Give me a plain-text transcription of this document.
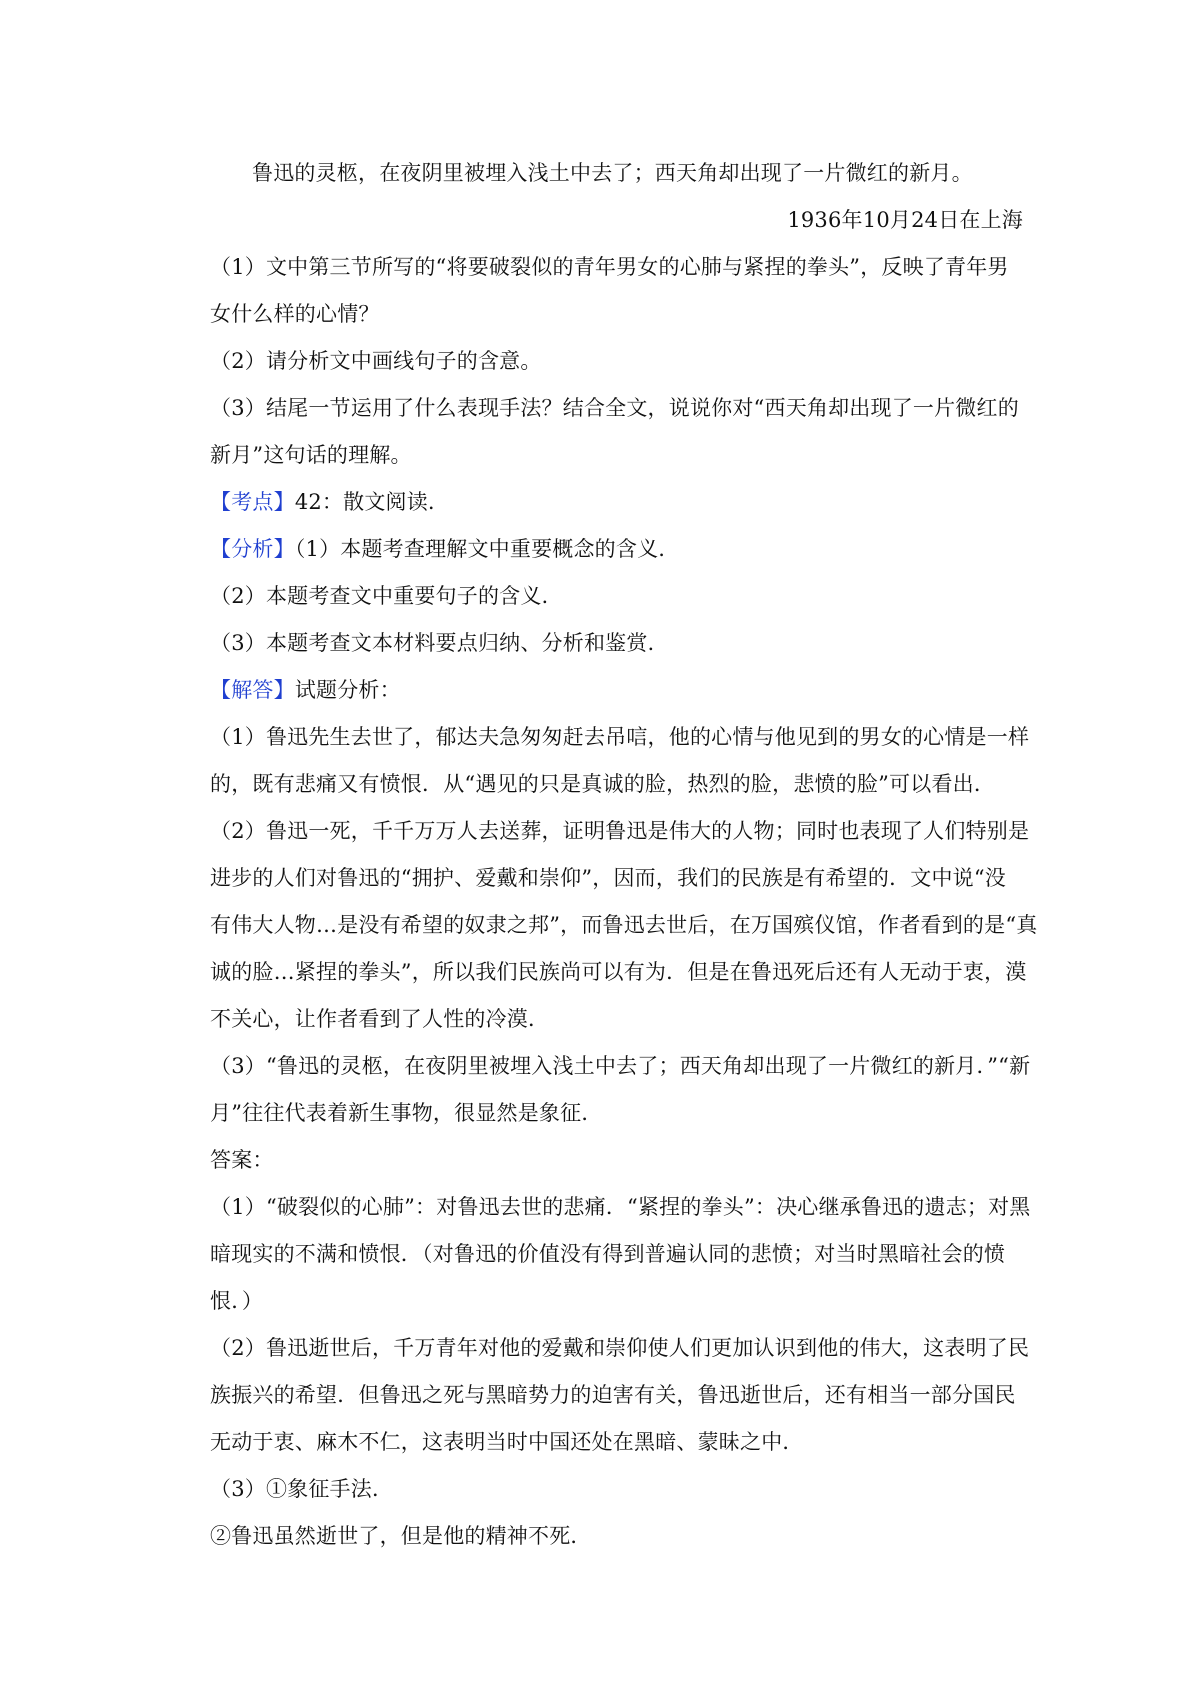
鲁迅的灵柩，在夜阴里被埋入浅土中去了；西天角却出现了一片微红的新月。
1936年10月24日在上海
（1）文中第三节所写的“将要破裂似的青年男女的心肺与紧捏的拳头”，反映了青年男
女什么样的心情？
（2）请分析文中画线句子的含意。
（3）结尾一节运用了什么表现手法？结合全文，说说你对“西天角却出现了一片微红的
新月”这句话的理解。
【考点】42：散文阅读.
【分析】（1）本题考查理解文中重要概念的含义.
（2）本题考查文中重要句子的含义.
（3）本题考查文本材料要点归纳、分析和鉴赏.
【解答】试题分析：
（1）鲁迅先生去世了，郁达夫急匆匆赶去吊唁，他的心情与他见到的男女的心情是一样
的，既有悲痛又有愤恨．从“遇见的只是真诚的脸，热烈的脸，悲愤的脸”可以看出．
（2）鲁迅一死，千千万万人去送葬，证明鲁迅是伟大的人物；同时也表现了人们特别是
进步的人们对鲁迅的“拥护、爱戴和崇仰”，因而，我们的民族是有希望的．文中说“没
有伟大人物…是没有希望的奴隶之邦”，而鲁迅去世后，在万国殡仪馆，作者看到的是“真
诚的脸…紧捏的拳头”，所以我们民族尚可以有为．但是在鲁迅死后还有人无动于衷，漠
不关心，让作者看到了人性的冷漠．
（3）“鲁迅的灵柩，在夜阴里被埋入浅土中去了；西天角却出现了一片微红的新月．”“新
月”往往代表着新生事物，很显然是象征．
答案：
（1）“破裂似的心肺”：对鲁迅去世的悲痛．“紧捏的拳头”：决心继承鲁迅的遗志；对黑
暗现实的不满和愤恨．（对鲁迅的价值没有得到普遍认同的悲愤；对当时黑暗社会的愤
恨．）
（2）鲁迅逝世后，千万青年对他的爱戴和崇仰使人们更加认识到他的伟大，这表明了民
族振兴的希望．但鲁迅之死与黑暗势力的迫害有关，鲁迅逝世后，还有相当一部分国民
无动于衷、麻木不仁，这表明当时中国还处在黑暗、蒙昧之中．
（3）①象征手法．
②鲁迅虽然逝世了，但是他的精神不死．
